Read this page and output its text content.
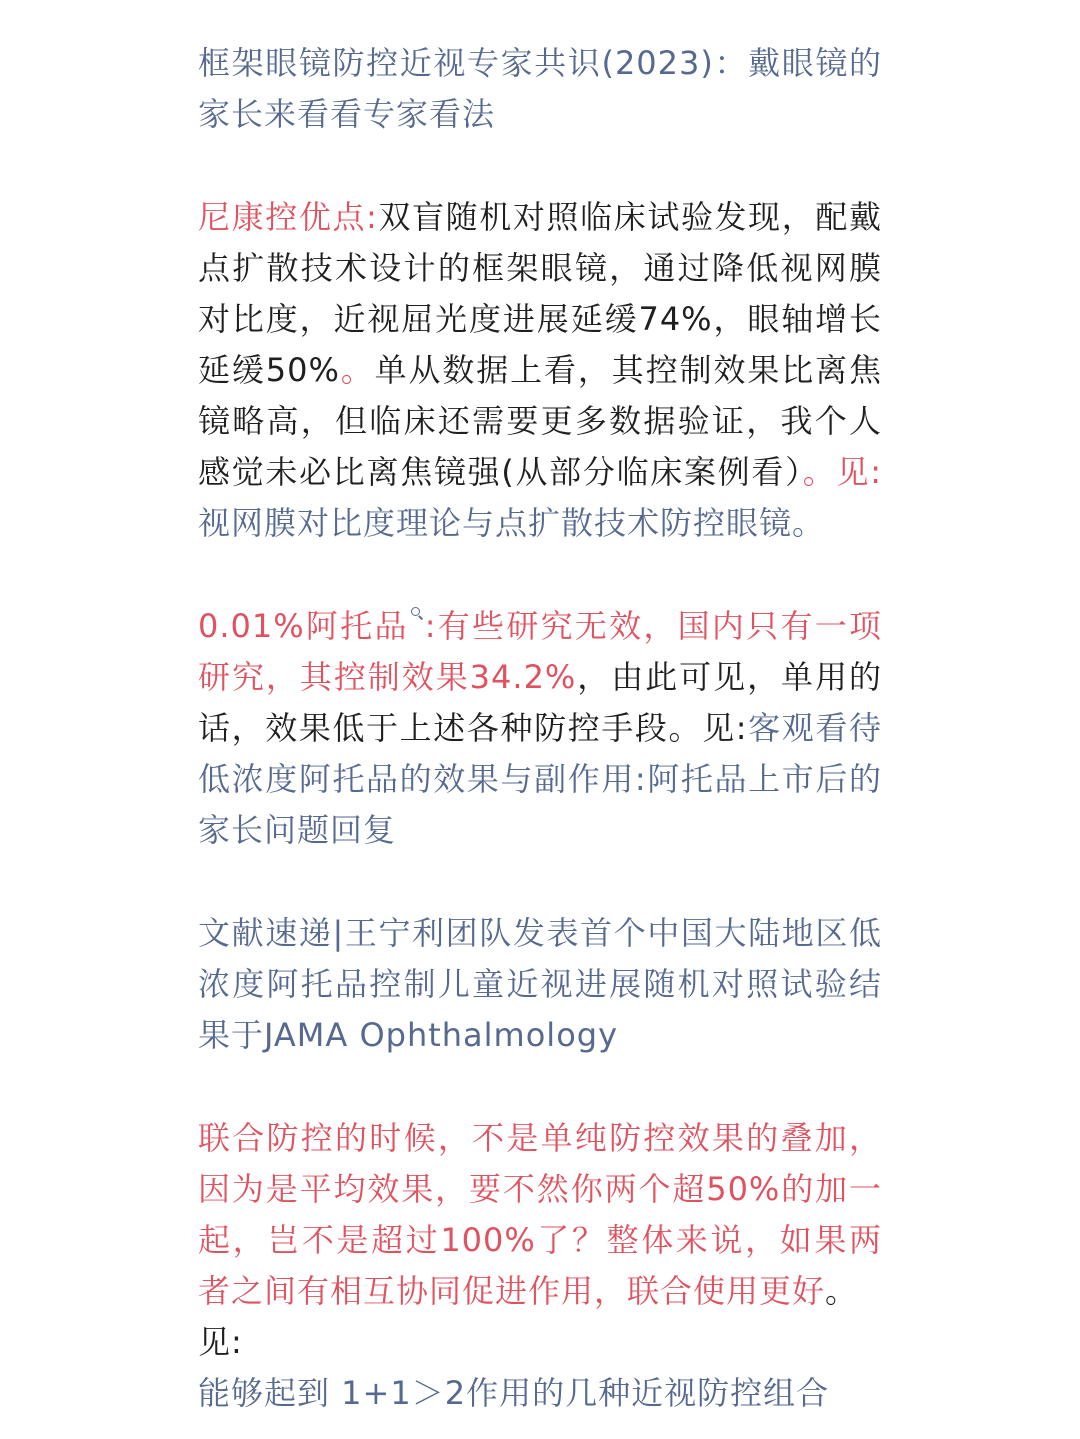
框架眼镜防控近视专家共识(2023)：戴眼镜的家长来看看专家看法

尼康控优点:双盲随机对照临床试验发现，配戴点扩散技术设计的框架眼镜，通过降低视网膜对比度，近视屈光度进展延缓74%，眼轴增长延缓50%。单从数据上看，其控制效果比离焦镜略高，但临床还需要更多数据验证，我个人感觉未必比离焦镜强(从部分临床案例看）。见:视网膜对比度理论与点扩散技术防控眼镜。

0.01%阿托品 :有些研究无效，国内只有一项研究，其控制效果34.2%，由此可见，单用的话，效果低于上述各种防控手段。见:客观看待低浓度阿托品的效果与副作用:阿托品上市后的家长问题回复

文献速递|王宁利团队发表首个中国大陆地区低浓度阿托品控制儿童近视进展随机对照试验结果于JAMA Ophthalmology

联合防控的时候，不是单纯防控效果的叠加，因为是平均效果，要不然你两个超50%的加一起，岂不是超过100%了？整体来说，如果两者之间有相互协同促进作用，联合使用更好。
见:
能够起到 1+1＞2作用的几种近视防控组合
